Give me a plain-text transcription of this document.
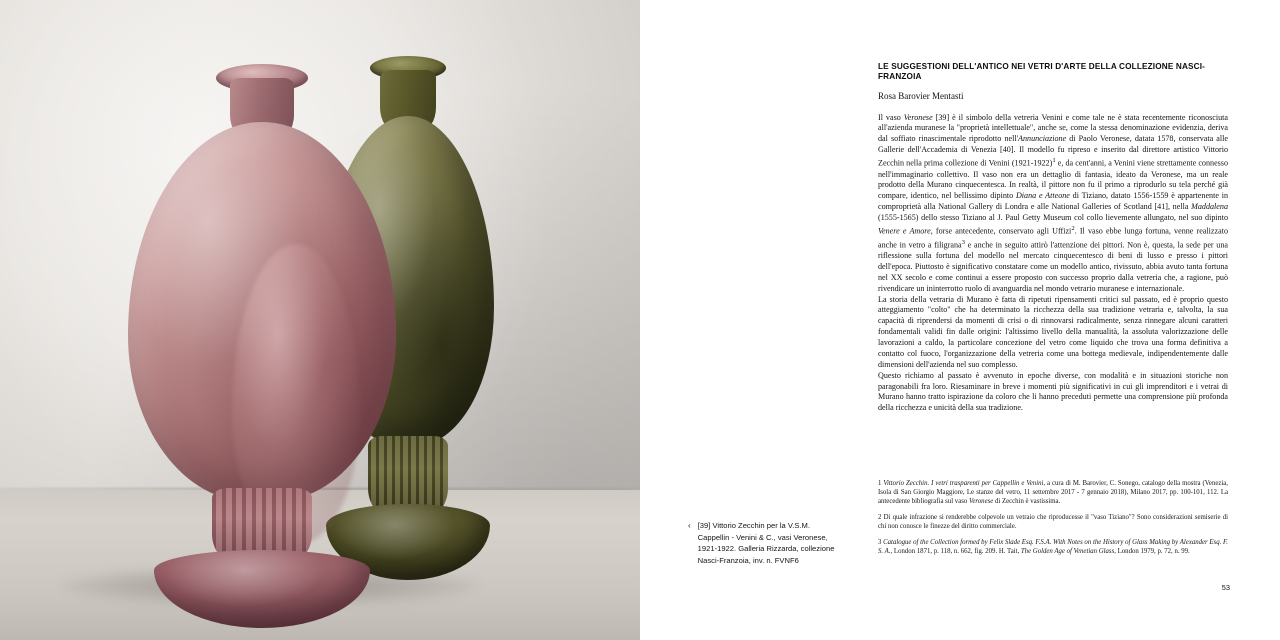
‹ [39] Vittorio Zecchin per la V.S.M. Cappellin - Venini & C., vasi Veronese, 1921-1922. Galleria Rizzarda, collezione Nasci-Franzoia, inv. n. FVNF6
LE SUGGESTIONI DELL'ANTICO NEI VETRI D'ARTE DELLA COLLEZIONE NASCI-FRANZOIA
Rosa Barovier Mentasti

Il vaso Veronese [39] è il simbolo della vetreria Venini e come tale ne è stata recentemente riconosciuta all'azienda muranese la "proprietà intellettuale", anche se, come la stessa denominazione evidenzia, deriva dal soffiato rinascimentale riprodotto nell'Annunciazione di Paolo Veronese, datata 1578, conservata alle Gallerie dell'Accademia di Venezia [40]. Il modello fu ripreso e inserito dal direttore artistico Vittorio Zecchin nella prima collezione di Venini (1921-1922)$^1$ e, da cent'anni, a Venini viene strettamente connesso nell'immaginario collettivo. Il vaso non era un dettaglio di fantasia, ideato da Veronese, ma un reale prodotto della Murano cinquecentesca. In realtà, il pittore non fu il primo a riprodurlo su tela perché già compare, identico, nel bellissimo dipinto Diana e Atteone di Tiziano, datato 1556-1559 è appartenente in comproprietà alla National Gallery di Londra e alle National Galleries of Scotland [41], nella Maddalena (1555-1565) dello stesso Tiziano al J. Paul Getty Museum col collo lievemente allungato, nel suo dipinto Venere e Amore, forse antecedente, conservato agli Uffizi$^2$. Il vaso ebbe lunga fortuna, venne realizzato anche in vetro a filigrana$^3$ e anche in seguito attirò l'attenzione dei pittori. Non è, questa, la sede per una riflessione sulla fortuna del modello nel mercato cinquecentesco di beni di lusso e presso i pittori dell'epoca. Piuttosto è significativo constatare come un modello antico, rivissuto, abbia avuto tanta fortuna nel XX secolo e come continui a essere proposto con successo proprio dalla vetreria che, a ragione, può rivendicare un ininterrotto ruolo di avanguardia nel mondo vetrario muranese e internazionale.

La storia della vetraria di Murano è fatta di ripetuti ripensamenti critici sul passato, ed è proprio questo atteggiamento "colto" che ha determinato la ricchezza della sua tradizione vetraria e, talvolta, la sua capacità di riprendersi da momenti di crisi o di rinnovarsi radicalmente, senza rinnegare alcuni caratteri fondamentali validi fin dalle origini: l'altissimo livello della manualità, la assoluta valorizzazione delle lavorazioni a caldo, la particolare concezione del vetro come liquido che trova una forma definitiva a contatto col fuoco, l'organizzazione della vetreria come una bottega medievale, indipendentemente dalle dimensioni dell'azienda nel suo complesso.

Questo richiamo al passato è avvenuto in epoche diverse, con modalità e in situazioni storiche non paragonabili fra loro. Riesaminare in breve i momenti più significativi in cui gli imprenditori e i vetrai di Murano hanno tratto ispirazione da coloro che li hanno preceduti permette una comprensione più profonda della ricchezza e unicità della sua tradizione.

1 Vittorio Zecchin. I vetri trasparenti per Cappellin e Venini, a cura di M. Barovier, C. Sonego, catalogo della mostra (Venezia, Isola di San Giorgio Maggiore, Le stanze del vetro, 11 settembre 2017 - 7 gennaio 2018), Milano 2017, pp. 100-101, 112. La antecedente bibliografia sul vaso Veronese di Zecchin è vastissima.

2 Di quale infrazione si renderebbe colpevole un vetraio che riproducesse il "vaso Tiziano"? Sono considerazioni semiserie di chi non conosce le finezze del diritto commerciale.

3 Catalogue of the Collection formed by Felix Slade Esq. F.S.A. With Notes on the History of Glass Making by Alexander Esq. F. S. A., London 1871, p. 118, n. 662, fig. 209. H. Tait, The Golden Age of Venetian Glass, London 1979, p. 72, n. 99.

53
